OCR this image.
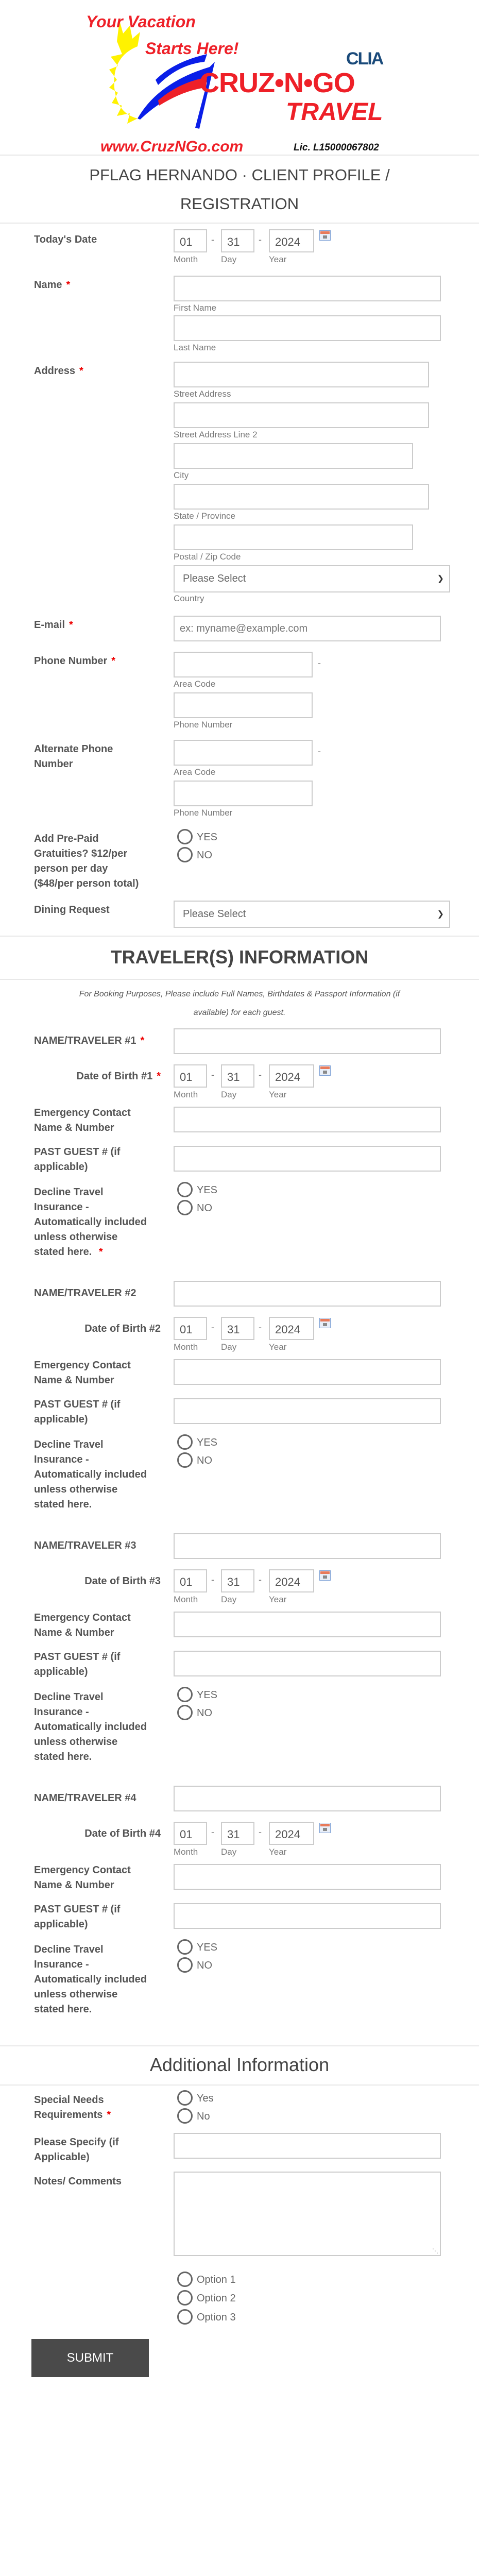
Your Vacation
Starts Here!
CRUZ•N•GO
TRAVEL
CLIA
www.CruzNGo.com	Lic. L15000067802
PFLAG HERNANDO · CLIENT PROFILE /
REGISTRATION
Today's Date	01	-	31	-	2024
Month	Day	Year
Name *
First Name
Last Name
Address *
Street Address
Street Address Line 2
City
State / Province
Postal / Zip Code
Please Select	❯
Country
E-mail *
ex: myname@example.com
Phone Number *	-
Area Code
Phone Number
Alternate Phone
Number
-
Area Code
Phone Number
Add Pre-Paid
Gratuities? $12/per
person per day
($48/per person total)
YES
NO
Dining Request	Please Select	❯
TRAVELER(S) INFORMATION
For Booking Purposes, Please include Full Names, Birthdates & Passport Information (if
available) for each guest.
NAME/TRAVELER #1 *
Date of Birth #1 *	01	-	31	-	2024
Month	Day	Year
Emergency Contact
Name & Number
PAST GUEST # (if
applicable)
Decline Travel
Insurance -
Automatically included
unless otherwise
stated here. *
YES
NO
NAME/TRAVELER #2
Date of Birth #2	01	-	31	-	2024
Month	Day	Year
Emergency Contact
Name & Number
PAST GUEST # (if
applicable)
Decline Travel
Insurance -
Automatically included
unless otherwise
stated here.
YES
NO
NAME/TRAVELER #3
Date of Birth #3	01	-	31	-	2024
Month	Day	Year
Emergency Contact
Name & Number
PAST GUEST # (if
applicable)
Decline Travel
Insurance -
Automatically included
unless otherwise
stated here.
YES
NO
NAME/TRAVELER #4
Date of Birth #4	01	-	31	-	2024
Month	Day	Year
Emergency Contact
Name & Number
PAST GUEST # (if
applicable)
Decline Travel
Insurance -
Automatically included
unless otherwise
stated here.
YES
NO
Additional Information
Special Needs
Requirements *
Yes
No
Please Specify (if
Applicable)
Notes/ Comments
⋱
Option 1
Option 2
Option 3
SUBMIT
